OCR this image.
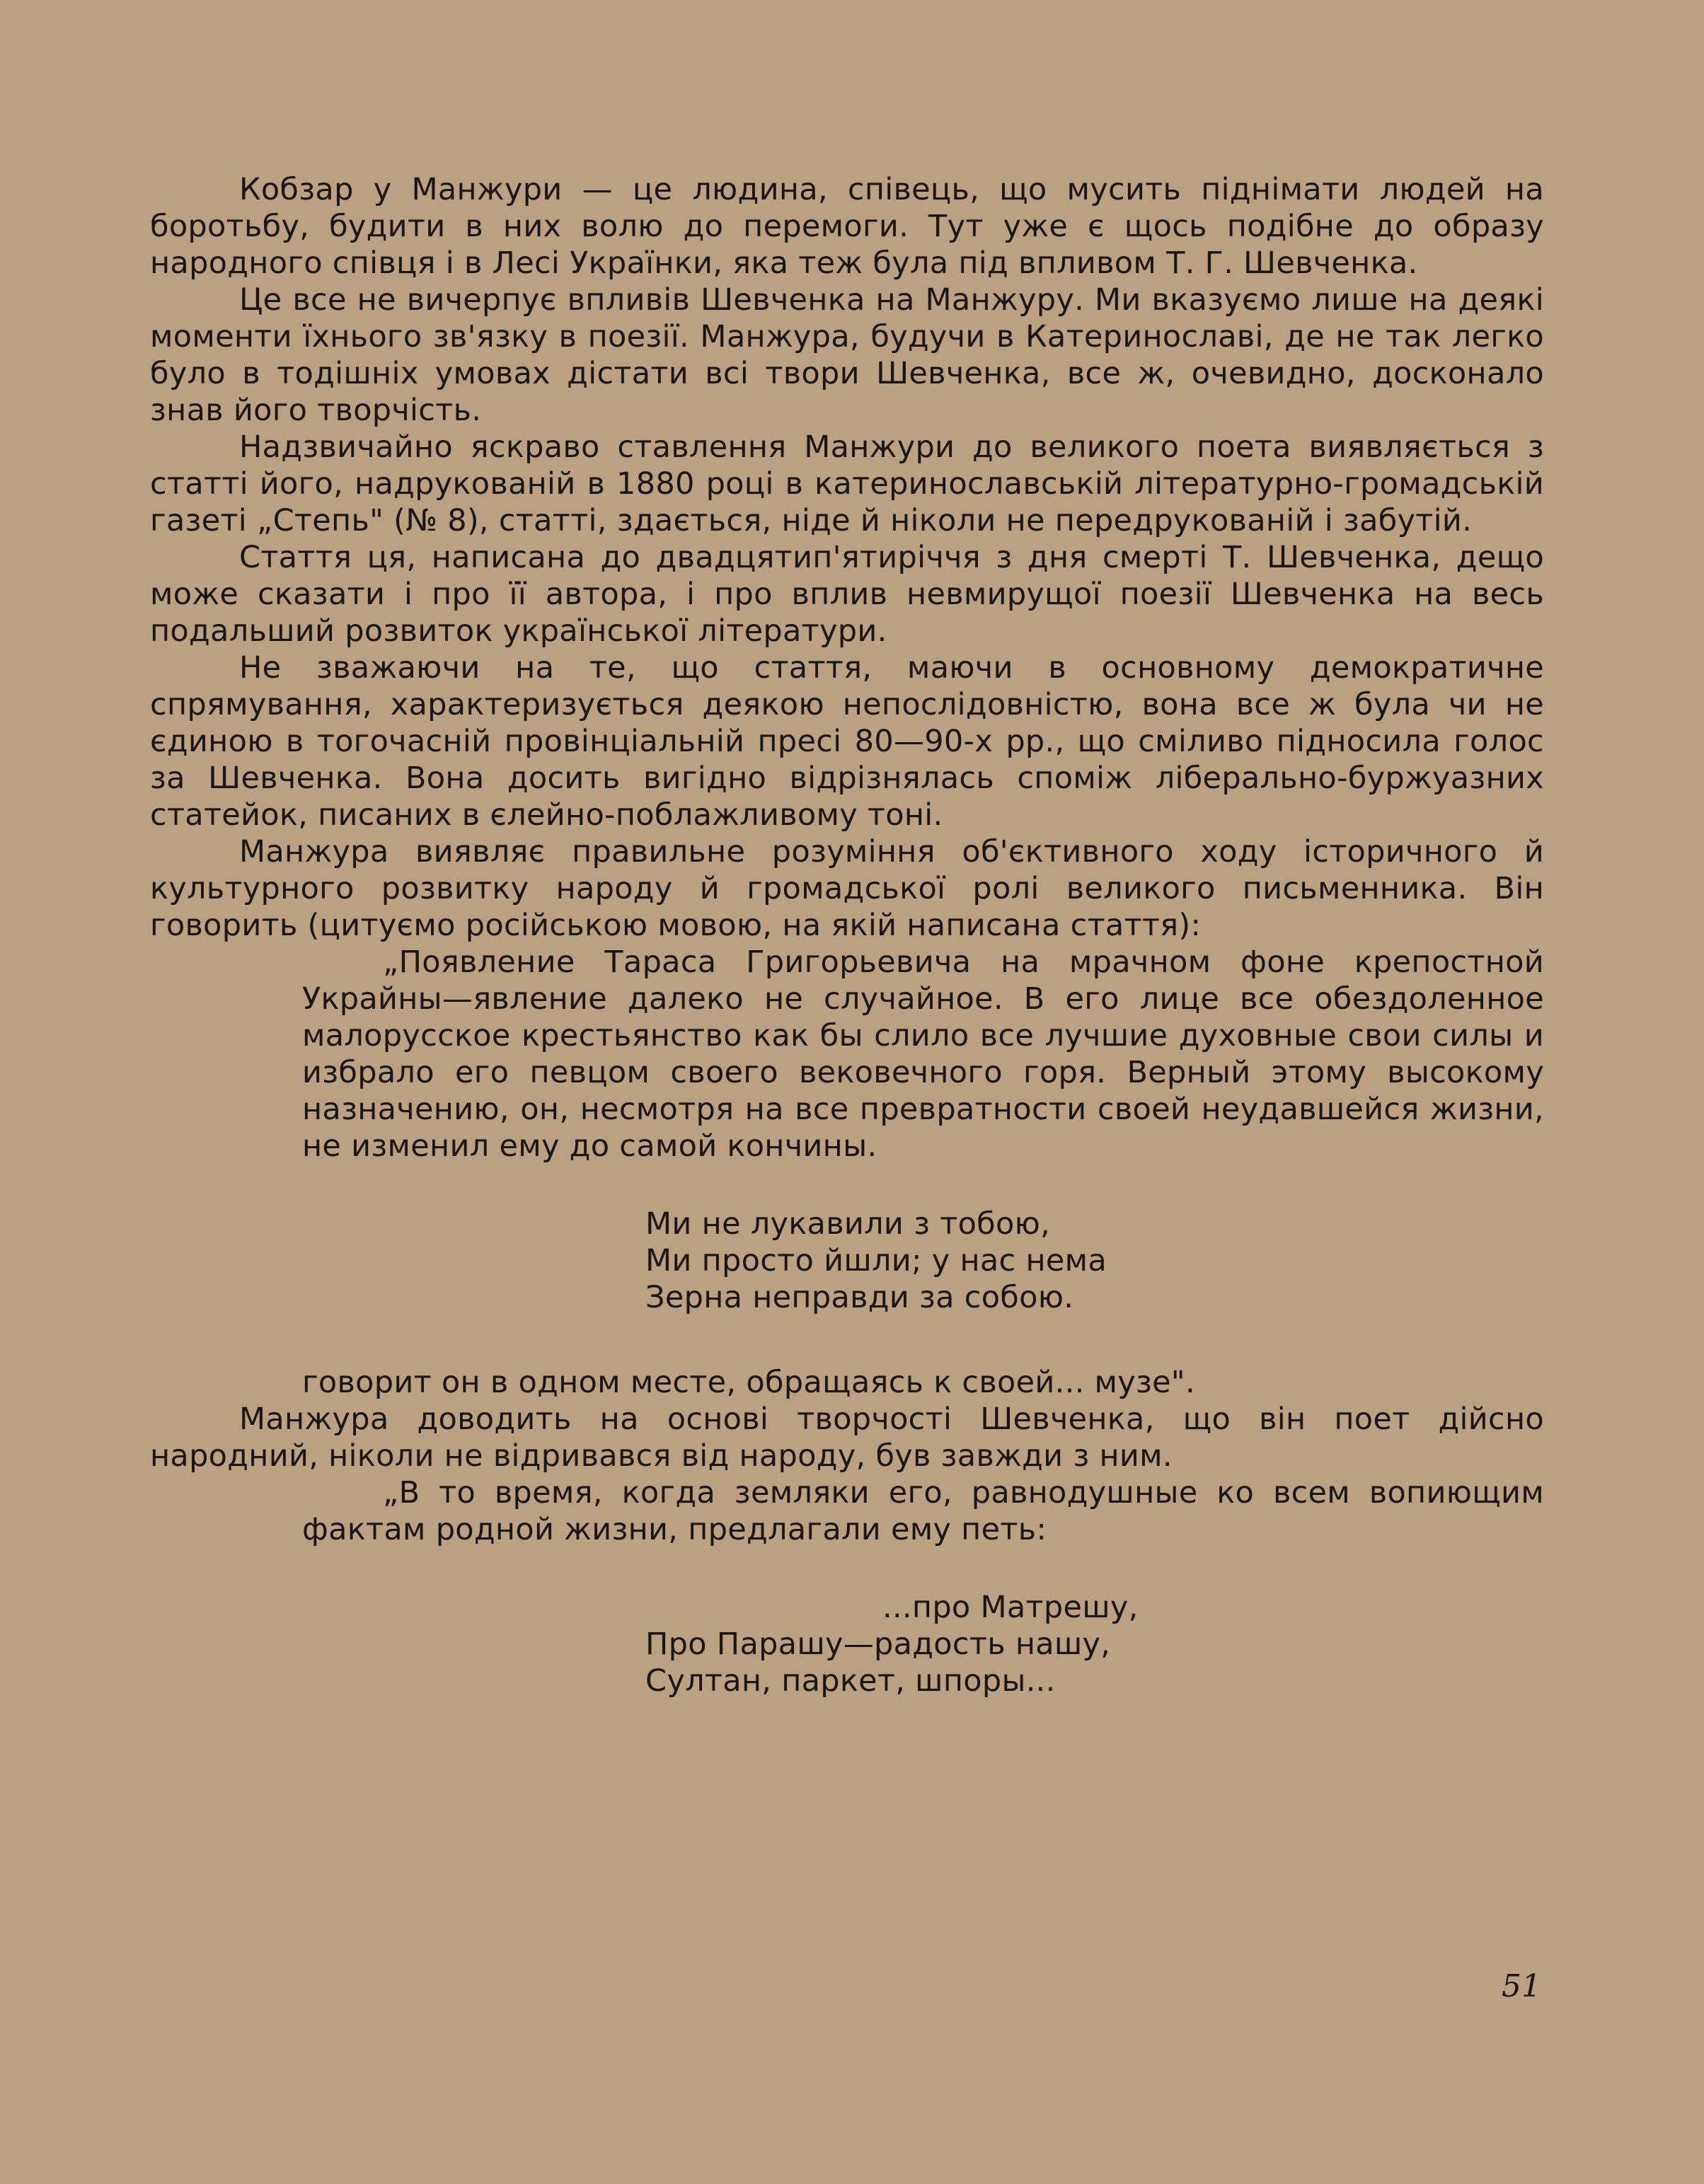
Кобзар у Манжури — це людина, співець, що мусить піднімати людей на боротьбу, будити в них волю до перемоги. Тут уже є щось подібне до образу народного співця і в Лесі Українки, яка теж була під впливом Т. Г. Шевченка.

Це все не вичерпує впливів Шевченка на Манжуру. Ми вказуємо лише на деякі моменти їхнього зв'язку в поезії. Манжура, будучи в Катеринославі, де не так легко було в тодішніх умовах дістати всі твори Шевченка, все ж, очевидно, досконало знав його творчість.

Надзвичайно яскраво ставлення Манжури до великого поета виявляється з статті його, надрукованій в 1880 році в катеринославській літературно-громадській газеті „Степь" (№ 8), статті, здається, ніде й ніколи не передрукованій і забутій.

Стаття ця, написана до двадцятип'ятиріччя з дня смерті Т. Шевченка, дещо може сказати і про її автора, і про вплив невмирущої поезії Шевченка на весь подальший розвиток української літератури.

Не зважаючи на те, що стаття, маючи в основному демократичне спрямування, характеризується деякою непослідовністю, вона все ж була чи не єдиною в тогочасній провінціальній пресі 80—90-х рр., що сміливо підносила голос за Шевченка. Вона досить вигідно відрізнялась споміж ліберально-буржуазних статейок, писаних в єлейно-поблажливому тоні.

Манжура виявляє правильне розуміння об'єктивного ходу історичного й культурного розвитку народу й громадської ролі великого письменника. Він говорить (цитуємо російською мовою, на якій написана стаття):

„Появление Тараса Григорьевича на мрачном фоне крепостной Украйны—явление далеко не случайное. В его лице все обездоленное малорусское крестьянство как бы слило все лучшие духовные свои силы и избрало его певцом своего вековечного горя. Верный этому высокому назначению, он, несмотря на все превратности своей неудавшейся жизни, не изменил ему до самой кончины.

Ми не лукавили з тобою,
Ми просто йшли; у нас нема
Зерна неправди за собою.

говорит он в одном месте, обращаясь к своей... музе".

Манжура доводить на основі творчості Шевченка, що він поет дійсно народний, ніколи не відривався від народу, був завжди з ним.

„В то время, когда земляки его, равнодушные ко всем вопиющим фактам родной жизни, предлагали ему петь:

...про Матрешу,
Про Парашу—радость нашу,
Султан, паркет, шпоры...
51
